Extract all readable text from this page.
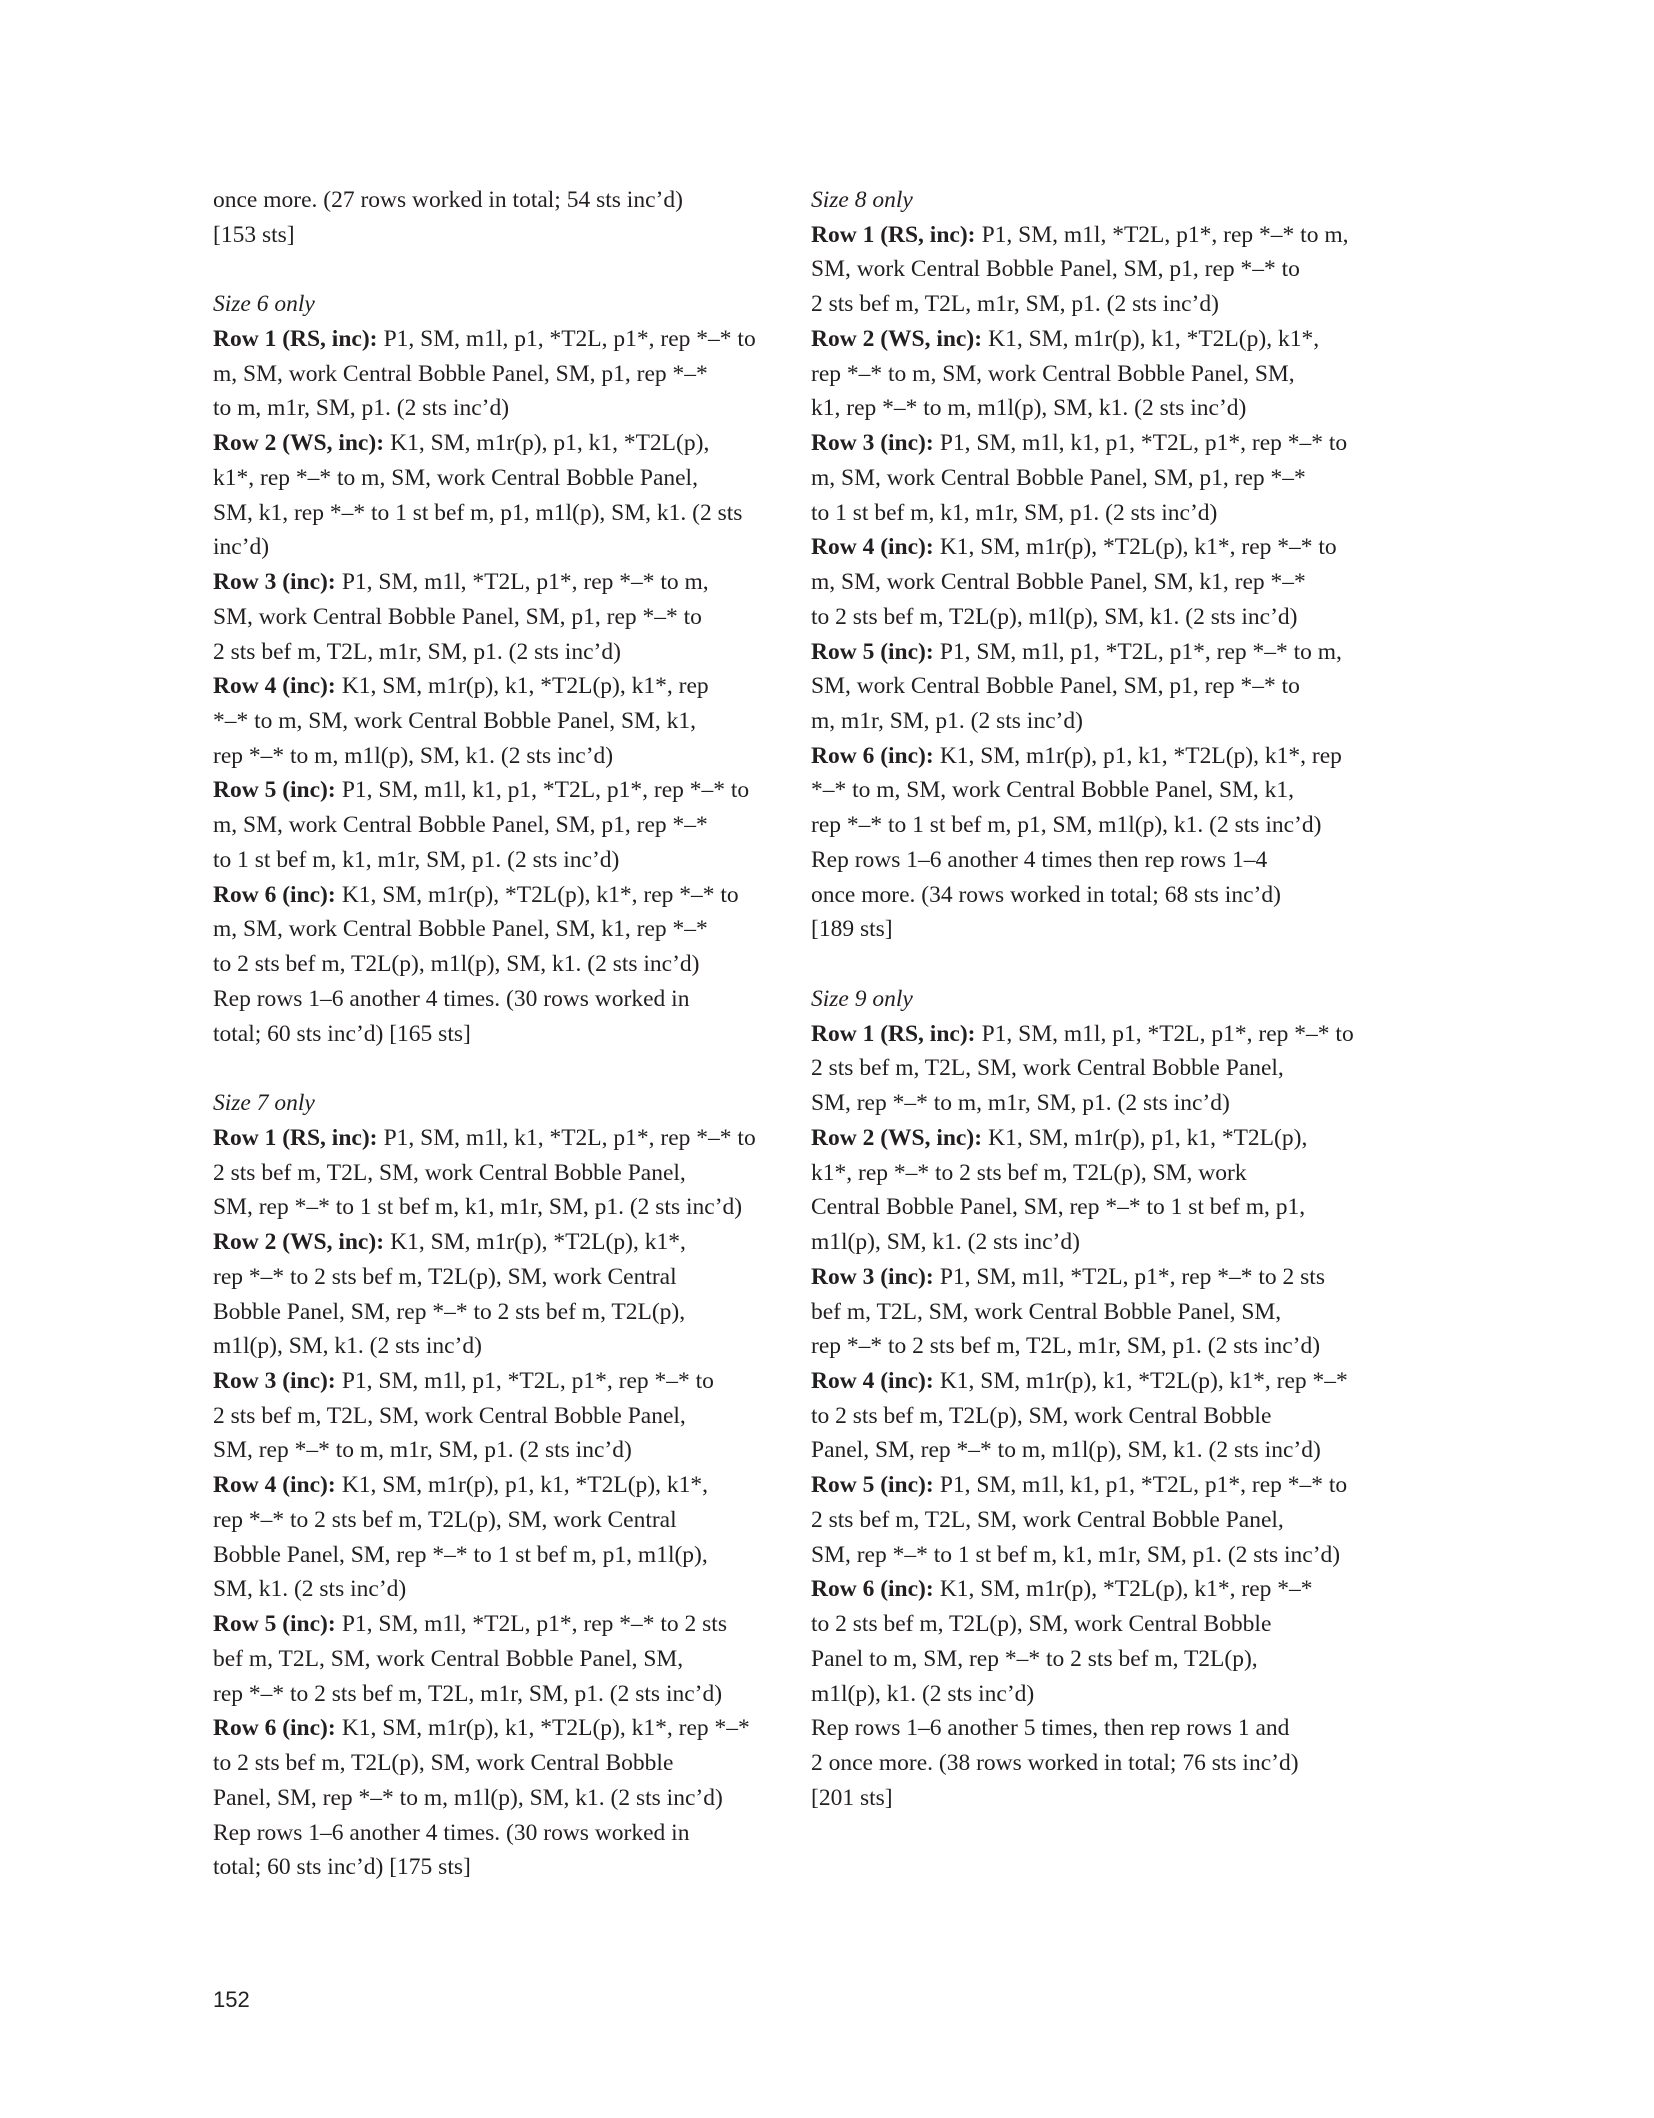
once more. (27 rows worked in total; 54 sts inc’d)
[153 sts]
Size 6 only
Row 1 (RS, inc): P1, SM, m1l, p1, *T2L, p1*, rep *–* to
m, SM, work Central Bobble Panel, SM, p1, rep *–*
to m, m1r, SM, p1. (2 sts inc’d)
Row 2 (WS, inc): K1, SM, m1r(p), p1, k1, *T2L(p),
k1*, rep *–* to m, SM, work Central Bobble Panel,
SM, k1, rep *–* to 1 st bef m, p1, m1l(p), SM, k1. (2 sts
inc’d)
Row 3 (inc): P1, SM, m1l, *T2L, p1*, rep *–* to m,
SM, work Central Bobble Panel, SM, p1, rep *–* to
2 sts bef m, T2L, m1r, SM, p1. (2 sts inc’d)
Row 4 (inc): K1, SM, m1r(p), k1, *T2L(p), k1*, rep
*–* to m, SM, work Central Bobble Panel, SM, k1,
rep *–* to m, m1l(p), SM, k1. (2 sts inc’d)
Row 5 (inc): P1, SM, m1l, k1, p1, *T2L, p1*, rep *–* to
m, SM, work Central Bobble Panel, SM, p1, rep *–*
to 1 st bef m, k1, m1r, SM, p1. (2 sts inc’d)
Row 6 (inc): K1, SM, m1r(p), *T2L(p), k1*, rep *–* to
m, SM, work Central Bobble Panel, SM, k1, rep *–*
to 2 sts bef m, T2L(p), m1l(p), SM, k1. (2 sts inc’d)
Rep rows 1–6 another 4 times. (30 rows worked in
total; 60 sts inc’d) [165 sts]
Size 7 only
Row 1 (RS, inc): P1, SM, m1l, k1, *T2L, p1*, rep *–* to
2 sts bef m, T2L, SM, work Central Bobble Panel,
SM, rep *–* to 1 st bef m, k1, m1r, SM, p1. (2 sts inc’d)
Row 2 (WS, inc): K1, SM, m1r(p), *T2L(p), k1*,
rep *–* to 2 sts bef m, T2L(p), SM, work Central
Bobble Panel, SM, rep *–* to 2 sts bef m, T2L(p),
m1l(p), SM, k1. (2 sts inc’d)
Row 3 (inc): P1, SM, m1l, p1, *T2L, p1*, rep *–* to
2 sts bef m, T2L, SM, work Central Bobble Panel,
SM, rep *–* to m, m1r, SM, p1. (2 sts inc’d)
Row 4 (inc): K1, SM, m1r(p), p1, k1, *T2L(p), k1*,
rep *–* to 2 sts bef m, T2L(p), SM, work Central
Bobble Panel, SM, rep *–* to 1 st bef m, p1, m1l(p),
SM, k1. (2 sts inc’d)
Row 5 (inc): P1, SM, m1l, *T2L, p1*, rep *–* to 2 sts
bef m, T2L, SM, work Central Bobble Panel, SM,
rep *–* to 2 sts bef m, T2L, m1r, SM, p1. (2 sts inc’d)
Row 6 (inc): K1, SM, m1r(p), k1, *T2L(p), k1*, rep *–*
to 2 sts bef m, T2L(p), SM, work Central Bobble
Panel, SM, rep *–* to m, m1l(p), SM, k1. (2 sts inc’d)
Rep rows 1–6 another 4 times. (30 rows worked in
total; 60 sts inc’d) [175 sts]
Size 8 only
Row 1 (RS, inc): P1, SM, m1l, *T2L, p1*, rep *–* to m,
SM, work Central Bobble Panel, SM, p1, rep *–* to
2 sts bef m, T2L, m1r, SM, p1. (2 sts inc’d)
Row 2 (WS, inc): K1, SM, m1r(p), k1, *T2L(p), k1*,
rep *–* to m, SM, work Central Bobble Panel, SM,
k1, rep *–* to m, m1l(p), SM, k1. (2 sts inc’d)
Row 3 (inc): P1, SM, m1l, k1, p1, *T2L, p1*, rep *–* to
m, SM, work Central Bobble Panel, SM, p1, rep *–*
to 1 st bef m, k1, m1r, SM, p1. (2 sts inc’d)
Row 4 (inc): K1, SM, m1r(p), *T2L(p), k1*, rep *–* to
m, SM, work Central Bobble Panel, SM, k1, rep *–*
to 2 sts bef m, T2L(p), m1l(p), SM, k1. (2 sts inc’d)
Row 5 (inc): P1, SM, m1l, p1, *T2L, p1*, rep *–* to m,
SM, work Central Bobble Panel, SM, p1, rep *–* to
m, m1r, SM, p1. (2 sts inc’d)
Row 6 (inc): K1, SM, m1r(p), p1, k1, *T2L(p), k1*, rep
*–* to m, SM, work Central Bobble Panel, SM, k1,
rep *–* to 1 st bef m, p1, SM, m1l(p), k1. (2 sts inc’d)
Rep rows 1–6 another 4 times then rep rows 1–4
once more. (34 rows worked in total; 68 sts inc’d)
[189 sts]
Size 9 only
Row 1 (RS, inc): P1, SM, m1l, p1, *T2L, p1*, rep *–* to
2 sts bef m, T2L, SM, work Central Bobble Panel,
SM, rep *–* to m, m1r, SM, p1. (2 sts inc’d)
Row 2 (WS, inc): K1, SM, m1r(p), p1, k1, *T2L(p),
k1*, rep *–* to 2 sts bef m, T2L(p), SM, work
Central Bobble Panel, SM, rep *–* to 1 st bef m, p1,
m1l(p), SM, k1. (2 sts inc’d)
Row 3 (inc): P1, SM, m1l, *T2L, p1*, rep *–* to 2 sts
bef m, T2L, SM, work Central Bobble Panel, SM,
rep *–* to 2 sts bef m, T2L, m1r, SM, p1. (2 sts inc’d)
Row 4 (inc): K1, SM, m1r(p), k1, *T2L(p), k1*, rep *–*
to 2 sts bef m, T2L(p), SM, work Central Bobble
Panel, SM, rep *–* to m, m1l(p), SM, k1. (2 sts inc’d)
Row 5 (inc): P1, SM, m1l, k1, p1, *T2L, p1*, rep *–* to
2 sts bef m, T2L, SM, work Central Bobble Panel,
SM, rep *–* to 1 st bef m, k1, m1r, SM, p1. (2 sts inc’d)
Row 6 (inc): K1, SM, m1r(p), *T2L(p), k1*, rep *–*
to 2 sts bef m, T2L(p), SM, work Central Bobble
Panel to m, SM, rep *–* to 2 sts bef m, T2L(p),
m1l(p), k1. (2 sts inc’d)
Rep rows 1–6 another 5 times, then rep rows 1 and
2 once more. (38 rows worked in total; 76 sts inc’d)
[201 sts]
152
